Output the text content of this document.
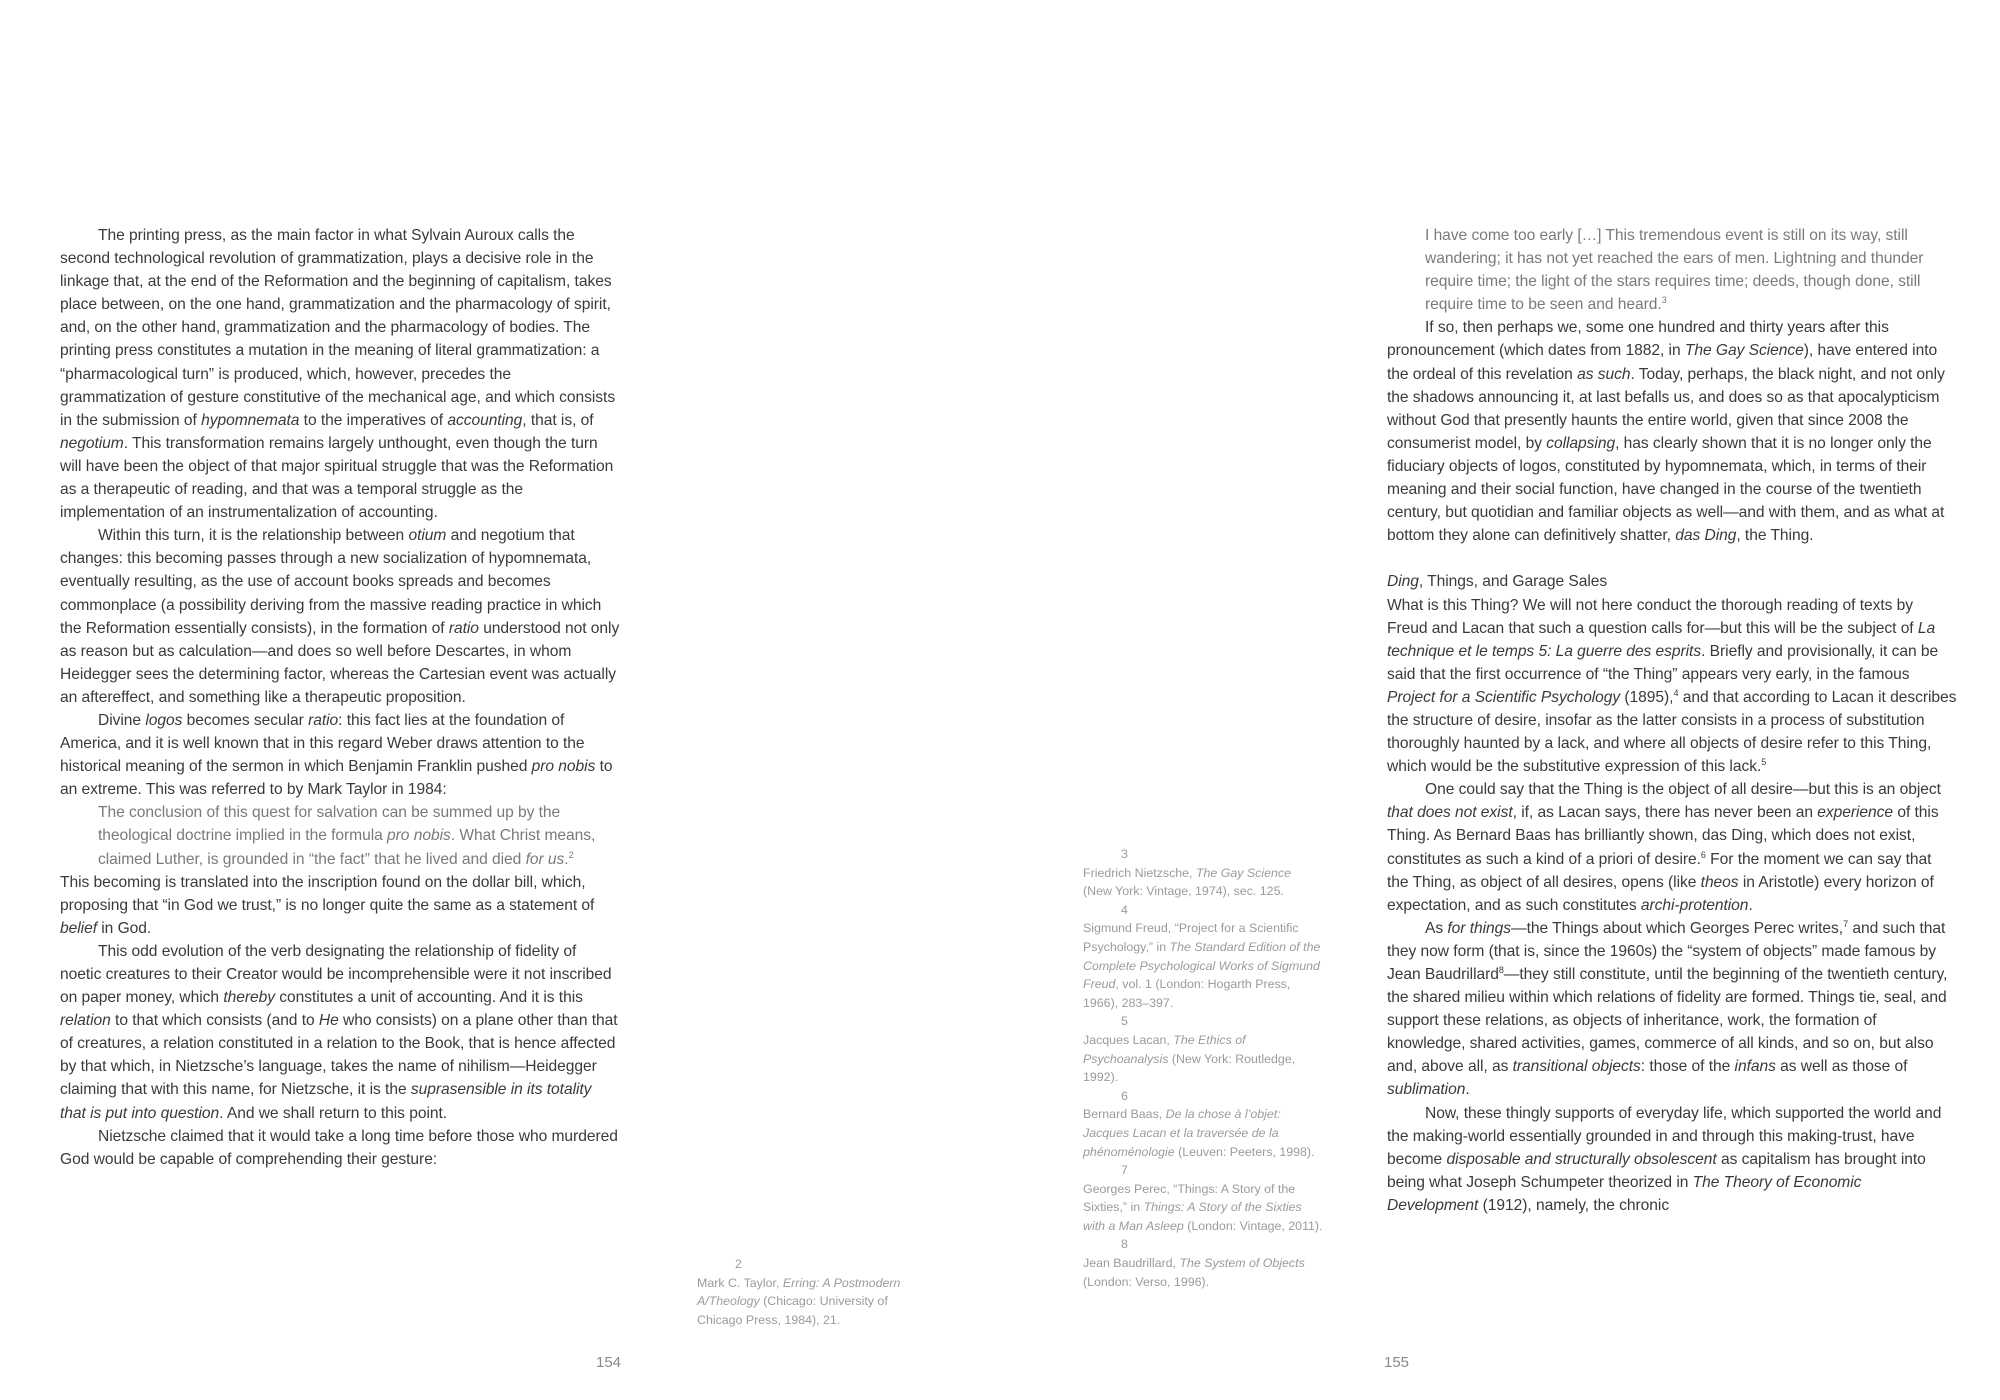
The printing press, as the main factor in what Sylvain Auroux calls the second technological revolution of grammatization, plays a decisive role in the linkage that, at the end of the Reformation and the beginning of capitalism, takes place between, on the one hand, grammatization and the pharmacology of spirit, and, on the other hand, grammatization and the pharmacology of bodies. The printing press constitutes a mutation in the meaning of literal grammatization: a “pharmacological turn” is produced, which, however, precedes the grammatization of gesture constitutive of the mechanical age, and which consists in the submission of hypomnemata to the imperatives of accounting, that is, of negotium. This transformation remains largely unthought, even though the turn will have been the object of that major spiritual struggle that was the Reformation as a therapeutic of reading, and that was a temporal struggle as the implementation of an instrumentalization of accounting.

Within this turn, it is the relationship between otium and negotium that changes: this becoming passes through a new socialization of hypomnemata, eventually resulting, as the use of account books spreads and becomes commonplace (a possibility deriving from the massive reading practice in which the Reformation essentially consists), in the formation of ratio understood not only as reason but as calculation—and does so well before Descartes, in whom Heidegger sees the determining factor, whereas the Cartesian event was actually an aftereffect, and something like a therapeutic proposition.

Divine logos becomes secular ratio: this fact lies at the foundation of America, and it is well known that in this regard Weber draws attention to the historical meaning of the sermon in which Benjamin Franklin pushed pro nobis to an extreme. This was referred to by Mark Taylor in 1984:

The conclusion of this quest for salvation can be summed up by the theological doctrine implied in the formula pro nobis. What Christ means, claimed Luther, is grounded in “the fact” that he lived and died for us.$^2$

This becoming is translated into the inscription found on the dollar bill, which, proposing that “in God we trust,” is no longer quite the same as a statement of belief in God.

This odd evolution of the verb designating the relationship of fidelity of noetic creatures to their Creator would be incomprehensible were it not inscribed on paper money, which thereby constitutes a unit of accounting. And it is this relation to that which consists (and to He who consists) on a plane other than that of creatures, a relation constituted in a relation to the Book, that is hence affected by that which, in Nietzsche’s language, takes the name of nihilism—Heidegger claiming that with this name, for Nietzsche, it is the suprasensible in its totality that is put into question. And we shall return to this point.

Nietzsche claimed that it would take a long time before those who murdered God would be capable of comprehending their gesture:

2
Mark C. Taylor, Erring: A Postmodern A/Theology (Chicago: University of Chicago Press, 1984), 21.
154
3
Friedrich Nietzsche, The Gay Science (New York: Vintage, 1974), sec. 125.
4
Sigmund Freud, “Project for a Scientific Psychology,” in The Standard Edition of the Complete Psychological Works of Sigmund Freud, vol. 1 (London: Hogarth Press, 1966), 283–397.
5
Jacques Lacan, The Ethics of Psychoanalysis (New York: Routledge, 1992).
6
Bernard Baas, De la chose à l’objet: Jacques Lacan et la traversée de la phénoménologie (Leuven: Peeters, 1998).
7
Georges Perec, “Things: A Story of the Sixties,” in Things: A Story of the Sixties with a Man Asleep (London: Vintage, 2011).
8
Jean Baudrillard, The System of Objects (London: Verso, 1996).

I have come too early […] This tremendous event is still on its way, still wandering; it has not yet reached the ears of men. Lightning and thunder require time; the light of the stars requires time; deeds, though done, still require time to be seen and heard.$^3$

If so, then perhaps we, some one hundred and thirty years after this pronouncement (which dates from 1882, in The Gay Science), have entered into the ordeal of this revelation as such. Today, perhaps, the black night, and not only the shadows announcing it, at last befalls us, and does so as that apocalypticism without God that presently haunts the entire world, given that since 2008 the consumerist model, by collapsing, has clearly shown that it is no longer only the fiduciary objects of logos, constituted by hypomnemata, which, in terms of their meaning and their social function, have changed in the course of the twentieth century, but quotidian and familiar objects as well—and with them, and as what at bottom they alone can definitively shatter, das Ding, the Thing.

Ding, Things, and Garage Sales

What is this Thing? We will not here conduct the thorough reading of texts by Freud and Lacan that such a question calls for—but this will be the subject of La technique et le temps 5: La guerre des esprits. Briefly and provisionally, it can be said that the first occurrence of “the Thing” appears very early, in the famous Project for a Scientific Psychology (1895),$^4$ and that according to Lacan it describes the structure of desire, insofar as the latter consists in a process of substitution thoroughly haunted by a lack, and where all objects of desire refer to this Thing, which would be the substitutive expression of this lack.$^5$

One could say that the Thing is the object of all desire—but this is an object that does not exist, if, as Lacan says, there has never been an experience of this Thing. As Bernard Baas has brilliantly shown, das Ding, which does not exist, constitutes as such a kind of a priori of desire.$^6$ For the moment we can say that the Thing, as object of all desires, opens (like theos in Aristotle) every horizon of expectation, and as such constitutes archi-protention.

As for things—the Things about which Georges Perec writes,$^7$ and such that they now form (that is, since the 1960s) the “system of objects” made famous by Jean Baudrillard$^8$—they still constitute, until the beginning of the twentieth century, the shared milieu within which relations of fidelity are formed. Things tie, seal, and support these relations, as objects of inheritance, work, the formation of knowledge, shared activities, games, commerce of all kinds, and so on, but also and, above all, as transitional objects: those of the infans as well as those of sublimation.

Now, these thingly supports of everyday life, which supported the world and the making-world essentially grounded in and through this making-trust, have become disposable and structurally obsolescent as capitalism has brought into being what Joseph Schumpeter theorized in The Theory of Economic Development (1912), namely, the chronic

155
